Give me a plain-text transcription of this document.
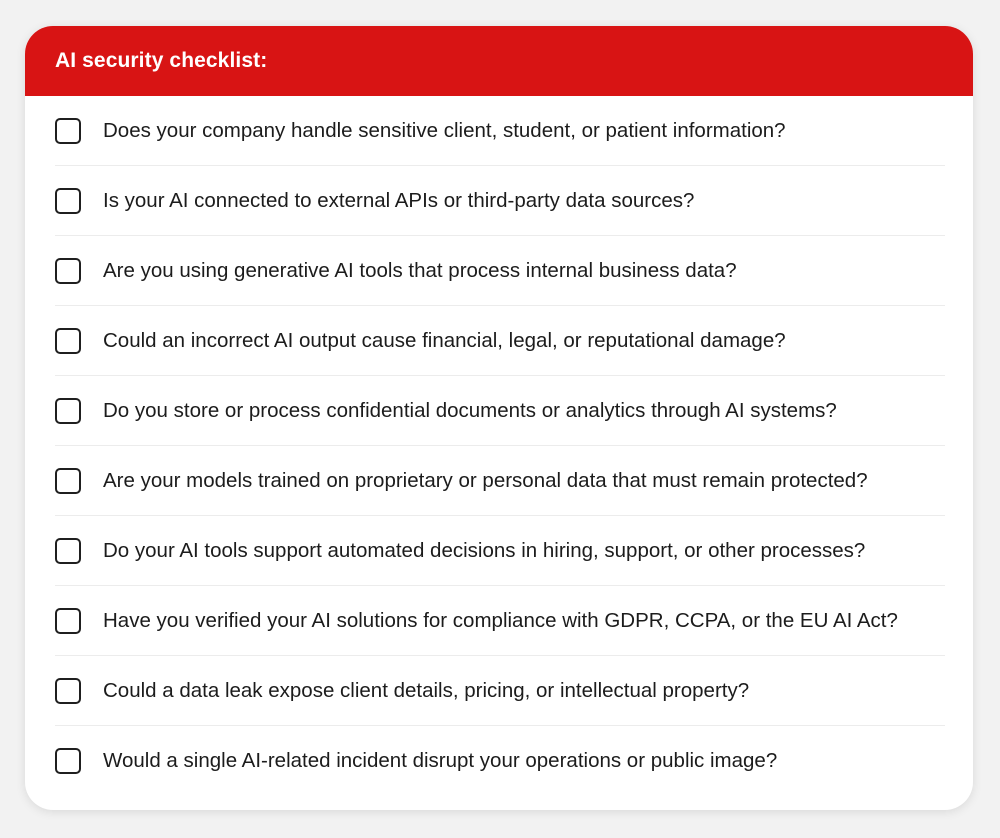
AI security checklist:
Does your company handle sensitive client, student, or patient information?
Is your AI connected to external APIs or third-party data sources?
Are you using generative AI tools that process internal business data?
Could an incorrect AI output cause financial, legal, or reputational damage?
Do you store or process confidential documents or analytics through AI systems?
Are your models trained on proprietary or personal data that must remain protected?
Do your AI tools support automated decisions in hiring, support, or other processes?
Have you verified your AI solutions for compliance with GDPR, CCPA, or the EU AI Act?
Could a data leak expose client details, pricing, or intellectual property?
Would a single AI-related incident disrupt your operations or public image?
